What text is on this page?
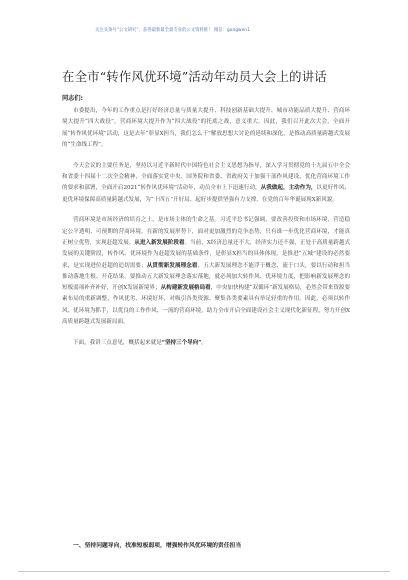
关注头条号“公文研究”，获得最新最全最专业的公文资料推！ 微信：gongwen1
在全市“转作风优环境”活动年动员大会上的讲话
同志们:

市委提出，今年的工作重点是打好经济总量与质量大提升、科技创新基础大提升、城市功能品质大提升、营商环境大提升“四大战役”，营商环境大提升作为“四大战役”的托底之战，意义重大。因此，我们召开此次大会，全面开展“转作风优环境”活动，这是去年“彰显X担当，我们怎么干”解放思想大讨论的延续和深化，是推动高质量跨越式发展的“生命线工程”。

今天会议的主要任务是，坚持以习近平新时代中国特色社会主义思想为指导，深入学习贯彻党的十九届五中全会和省委十四届十二次全会精神，全面落实党中央、国务院和省委、省政府关于加强干部作风建设、优化营商环境工作的要求和部署，全面开启2021“转作风优环境”活动年，动员全市上下迅速行动，从我做起，主动作为，以更好作风、更优环境保障高质量跨越式发展，为“十四五”开好局、起好步提供坚强有力支撑，在党的百年华诞展现X新风貌。

营商环境是市场经济的培育之土，是市场主体的生命之基。习近平总书记强调，要改善投资和市场环境，营造稳定公平透明、可预期的营商环境。在新的发展形势下，面对更加激烈的竞争态势，只有谁一步优化营商环境，才能真正树立优势，实现赶超发展。从进入新发展阶段看。当前，X经济总量还不大，经济实力还不强，正处于高质量跨越式发展的关键阶段，转作风、优环境作为赶超发展的基础条件，是彰显X担当的具体体现，是推进“五城”建设的必然要求，是实现进位赶超的追切需要；从贯彻新发展理念看，五大新发展理念不能浮于概念，流于口头，要以行动和担当推动落地生根、开花结果。要推动五大新发展理念落实落地，就必须加大转作风、优环境力度，把影响新发展理念的短板弱项补齐补好，开创X发展新境界；从构建新发展格局看，中央加快构建“双循环”新发展格局，必然会带来资源要素布局的重新调整，作风优劣、环境好坏，对吸引各类资源、聚集各类要素具有举足轻重的作用。因此，必须以转作风、优环境为抓手，以优良的工作作风、一流的营商环境，助力全市开启全面建设社会主义现代化新征程，努力开创X高质量跨越式发展新局面。

下面，我讲三点意见，概括起来就是“坚持三个导向”。

一、坚持问题导向，找准短板弱项，增强转作风优环境的责任担当
